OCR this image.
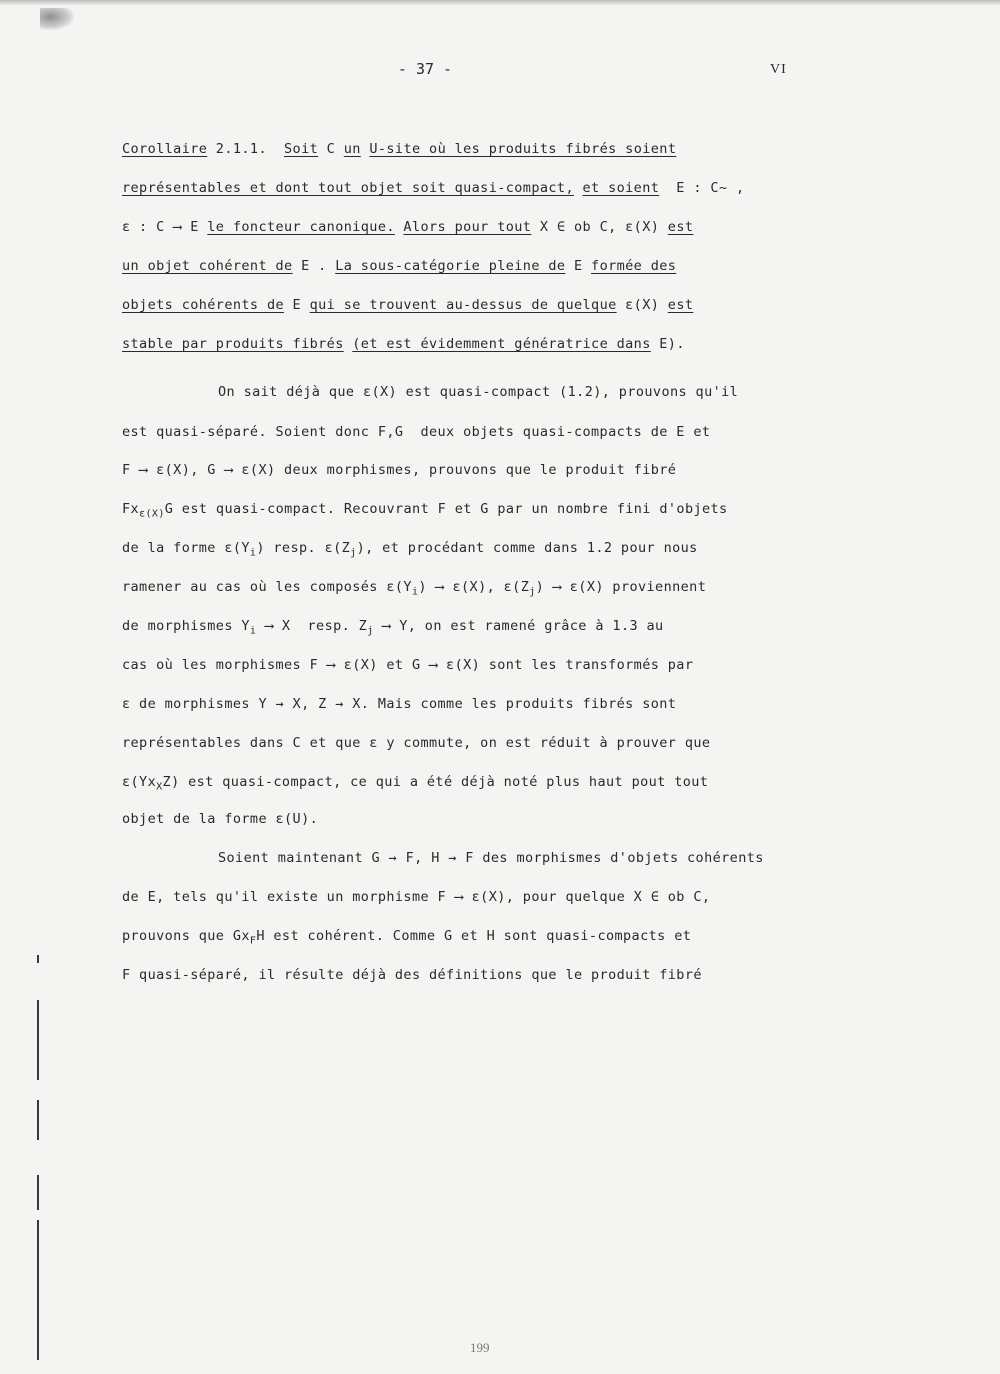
- 37 -	VI
Corollaire 2.1.1.  Soit C un U-site où les produits fibrés soient
représentables et dont tout objet soit quasi-compact, et soient  E : C~ ,
ε : C ⟶ E le foncteur canonique. Alors pour tout X ∈ ob C, ε(X) est
un objet cohérent de E . La sous-catégorie pleine de E formée des
objets cohérents de E qui se trouvent au-dessus de quelque ε(X) est
stable par produits fibrés (et est évidemment génératrice dans E).
On sait déjà que ε(X) est quasi-compact (1.2), prouvons qu'il
est quasi-séparé. Soient donc F,G  deux objets quasi-compacts de E et
F ⟶ ε(X), G ⟶ ε(X) deux morphismes, prouvons que le produit fibré
$Fx_{\varepsilon(X)}G$ est quasi-compact. Recouvrant F et G par un nombre fini d'objets
de la forme $\varepsilon(Y_i)$ resp. $\varepsilon(Z_j)$, et procédant comme dans 1.2 pour nous
ramener au cas où les composés $\varepsilon(Y_i)$ ⟶ ε(X), $\varepsilon(Z_j)$ ⟶ ε(X) proviennent
de morphismes $Y_i$ ⟶ X  resp. $Z_j$ ⟶ Y, on est ramené grâce à 1.3 au
cas où les morphismes F ⟶ ε(X) et G ⟶ ε(X) sont les transformés par
ε de morphismes Y → X, Z → X. Mais comme les produits fibrés sont
représentables dans C et que ε y commute, on est réduit à prouver que
$\varepsilon(Yx_XZ)$ est quasi-compact, ce qui a été déjà noté plus haut pout tout
objet de la forme ε(U).
Soient maintenant G → F, H → F des morphismes d'objets cohérents
de E, tels qu'il existe un morphisme F ⟶ ε(X), pour quelque X ∈ ob C,
prouvons que $Gx_FH$ est cohérent. Comme G et H sont quasi-compacts et
F quasi-séparé, il résulte déjà des définitions que le produit fibré
199
